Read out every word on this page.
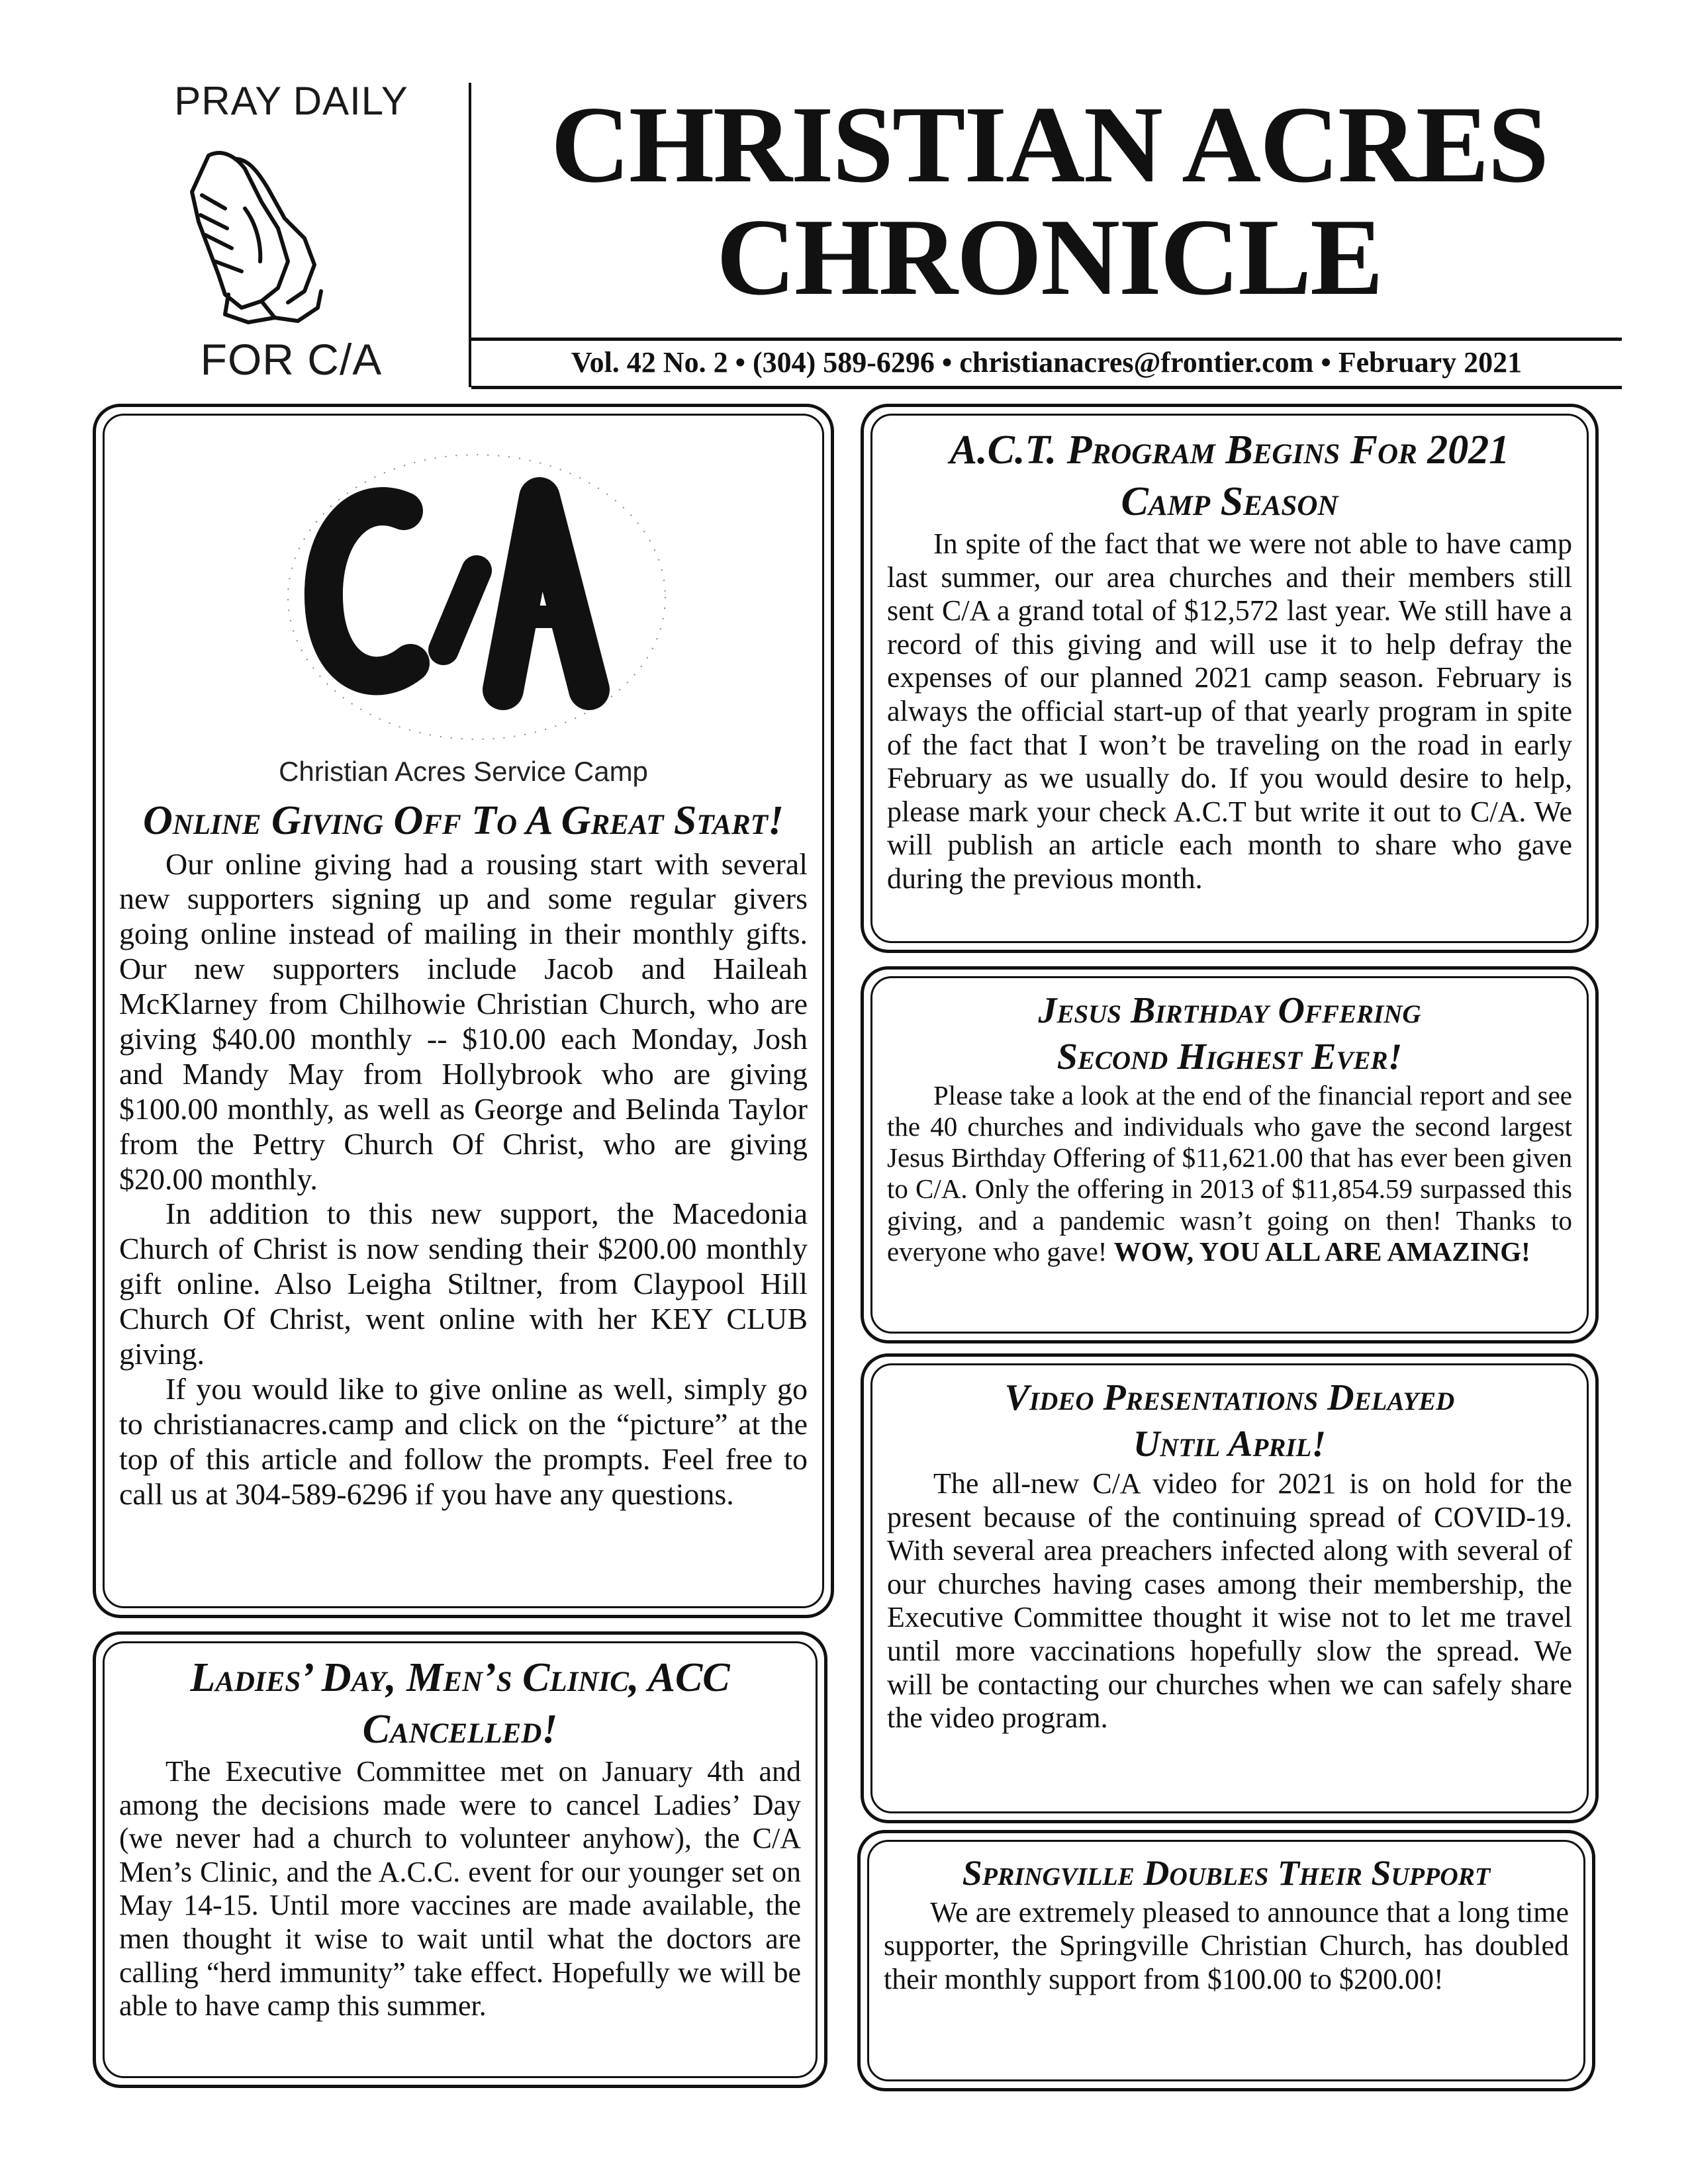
PRAY DAILY
FOR C/A
CHRISTIAN ACRES
CHRONICLE
Vol. 42 No. 2 • (304) 589-6296 • christianacres@frontier.com • February 2021
Christian Acres Service Camp
Online Giving Off To A Great Start!

Our online giving had a rousing start with several new supporters signing up and some regular givers going online instead of mailing in their monthly gifts. Our new supporters include Jacob and Haileah McKlarney from Chilhowie Christian Church, who are giving $40.00 monthly -- $10.00 each Monday, Josh and Mandy May from Hollybrook who are giving $100.00 monthly, as well as George and Belinda Taylor from the Pettry Church Of Christ, who are giving $20.00 monthly.

In addition to this new support, the Macedonia Church of Christ is now sending their $200.00 monthly gift online. Also Leigha Stiltner, from Claypool Hill Church Of Christ, went online with her KEY CLUB giving.

If you would like to give online as well, simply go to christianacres.camp and click on the “picture” at the top of this article and follow the prompts. Feel free to call us at 304-589-6296 if you have any questions.

Ladies’ Day, Men’s Clinic, ACC
Cancelled!

The Executive Committee met on January 4th and among the decisions made were to cancel Ladies’ Day (we never had a church to volunteer anyhow), the C/A Men’s Clinic, and the A.C.C. event for our younger set on May 14-15. Until more vaccines are made available, the men thought it wise to wait until what the doctors are calling “herd immunity” take effect. Hopefully we will be able to have camp this summer.

A.C.T. Program Begins For 2021
Camp Season

In spite of the fact that we were not able to have camp last summer, our area churches and their members still sent C/A a grand total of $12,572 last year. We still have a record of this giving and will use it to help defray the expenses of our planned 2021 camp season. February is always the official start-up of that yearly program in spite of the fact that I won’t be traveling on the road in early February as we usually do. If you would desire to help, please mark your check A.C.T but write it out to C/A. We will publish an article each month to share who gave during the previous month.

Jesus Birthday Offering
Second Highest Ever!

Please take a look at the end of the financial report and see the 40 churches and individuals who gave the second largest Jesus Birthday Offering of $11,621.00 that has ever been given to C/A. Only the offering in 2013 of $11,854.59 surpassed this giving, and a pandemic wasn’t going on then! Thanks to everyone who gave! WOW, YOU ALL ARE AMAZING!

Video Presentations Delayed
Until April!

The all-new C/A video for 2021 is on hold for the present because of the continuing spread of COVID-19. With several area preachers infected along with several of our churches having cases among their membership, the Executive Committee thought it wise not to let me travel until more vaccinations hopefully slow the spread. We will be contacting our churches when we can safely share the video program.

Springville Doubles Their Support

We are extremely pleased to announce that a long time supporter, the Springville Christian Church, has doubled their monthly support from $100.00 to $200.00!
